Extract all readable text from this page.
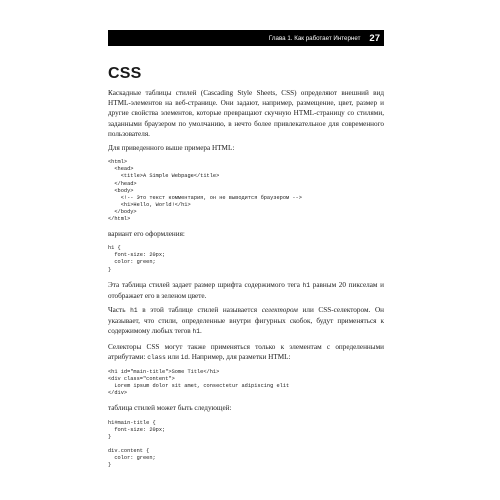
Глава 1. Как работает Интернет 27
CSS

Каскадные таблицы стилей (Cascading Style Sheets, CSS) определяют внешний вид HTML-элементов на веб-странице. Они задают, например, размещение, цвет, размер и другие свойства элементов, которые превращают скучную HTML-страницу со стилями, заданными браузером по умолчанию, в нечто более привлекательное для современного пользователя.

Для приведенного выше примера HTML:

<html>
<head>
<title>A Simple Webpage</title>
</head>
<body>
<!-- Это текст комментария, он не выводится браузером -->
<h1>Hello, World!</h1>
</body>
</html>

вариант его оформления:

h1 {
font-size: 20px;
color: green;
}

Эта таблица стилей задает размер шрифта содержимого тега h1 равным 20 пикселам и отображает его в зеленом цвете.

Часть h1 в этой таблице стилей называется селектором или CSS-селектором. Он указывает, что стили, определенные внутри фигурных скобок, будут применяться к содержимому любых тегов h1.

Селекторы CSS могут также применяться только к элементам с определенными атрибутами: class или id. Например, для разметки HTML:

<h1 id="main-title">Some Title</h1>
<div class="content">
Lorem ipsum dolor sit amet, consectetur adipiscing elit
</div>

таблица стилей может быть следующей:

h1#main-title {
font-size: 20px;
}

div.content {
color: green;
}
